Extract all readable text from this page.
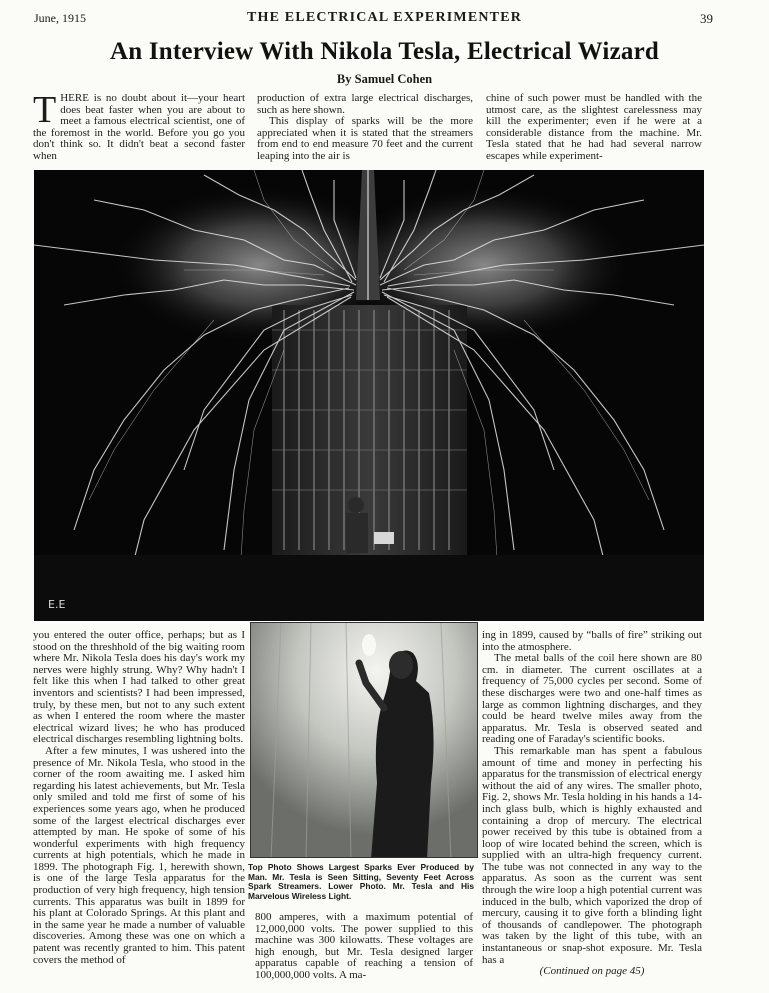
June, 1915	THE ELECTRICAL EXPERIMENTER	39
An Interview With Nikola Tesla, Electrical Wizard
By Samuel Cohen
T HERE is no doubt about it—your heart does beat faster when you are about to meet a famous electrical scientist, one of the foremost in the world. Before you go you don't think so. It didn't beat a second faster when

production of extra large electrical discharges, such as here shown.

This display of sparks will be the more appreciated when it is stated that the streamers from end to end measure 70 feet and the current leaping into the air is

chine of such power must be handled with the utmost care, as the slightest carelessness may kill the experimenter; even if he were at a considerable distance from the machine. Mr. Tesla stated that he had had several narrow escapes while experiment-

E.E

you entered the outer office, perhaps; but as I stood on the threshhold of the big waiting room where Mr. Nikola Tesla does his day's work my nerves were highly strung. Why? Why hadn't I felt like this when I had talked to other great inventors and scientists? I had been impressed, truly, by these men, but not to any such extent as when I entered the room where the master electrical wizard lives; he who has produced electrical discharges resembling lightning bolts.

After a few minutes, I was ushered into the presence of Mr. Nikola Tesla, who stood in the corner of the room awaiting me. I asked him regarding his latest achievements, but Mr. Tesla only smiled and told me first of some of his experiences some years ago, when he produced some of the largest electrical discharges ever attempted by man. He spoke of some of his wonderful experiments with high frequency currents at high potentials, which he made in 1899. The photograph Fig. 1, herewith shown, is one of the large Tesla apparatus for the production of very high frequency, high tension currents. This apparatus was built in 1899 for his plant at Colorado Springs. At this plant and in the same year he made a number of valuable discoveries. Among these was one on which a patent was recently granted to him. This patent covers the method of

Top Photo Shows Largest Sparks Ever Produced by Man. Mr. Tesla is Seen Sitting, Seventy Feet Across Spark Streamers. Lower Photo. Mr. Tesla and His Marvelous Wireless Light.

800 amperes, with a maximum potential of 12,000,000 volts. The power supplied to this machine was 300 kilowatts. These voltages are high enough, but Mr. Tesla designed larger apparatus capable of reaching a tension of 100,000,000 volts. A ma-

ing in 1899, caused by “balls of fire” striking out into the atmosphere.

The metal balls of the coil here shown are 80 cm. in diameter. The current oscillates at a frequency of 75,000 cycles per second. Some of these discharges were two and one-half times as large as common lightning discharges, and they could be heard twelve miles away from the apparatus. Mr. Tesla is observed seated and reading one of Faraday's scientific books.

This remarkable man has spent a fabulous amount of time and money in perfecting his apparatus for the transmission of electrical energy without the aid of any wires. The smaller photo, Fig. 2, shows Mr. Tesla holding in his hands a 14-inch glass bulb, which is highly exhausted and containing a drop of mercury. The electrical power received by this tube is obtained from a loop of wire located behind the screen, which is supplied with an ultra-high frequency current. The tube was not connected in any way to the apparatus. As soon as the current was sent through the wire loop a high potential current was induced in the bulb, which vaporized the drop of mercury, causing it to give forth a blinding light of thousands of candlepower. The photograph was taken by the light of this tube, with an instantaneous or snap-shot exposure. Mr. Tesla has a

(Continued on page 45)
